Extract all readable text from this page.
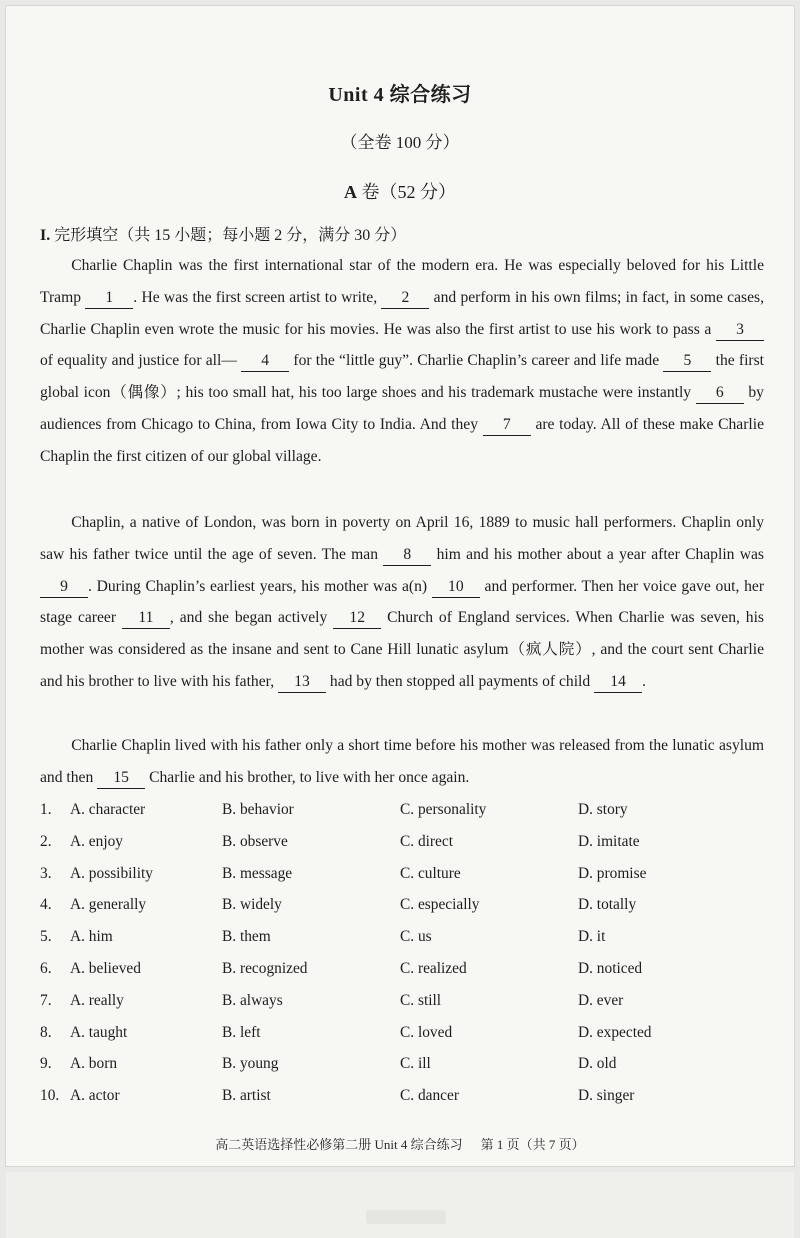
Unit 4 综合练习
（全卷 100 分）
A 卷（52 分）
I. 完形填空（共 15 小题；每小题 2 分，满分 30 分）

Charlie Chaplin was the first international star of the modern era. He was especially beloved for his Little Tramp 1 . He was the first screen artist to write, 2 and perform in his own films; in fact, in some cases, Charlie Chaplin even wrote the music for his movies. He was also the first artist to use his work to pass a 3 of equality and justice for all— 4 for the “little guy”. Charlie Chaplin’s career and life made 5 the first global icon（偶像）; his too small hat, his too large shoes and his trademark mustache were instantly 6 by audiences from Chicago to China, from Iowa City to India. And they 7 are today. All of these make Charlie Chaplin the first citizen of our global village.

Chaplin, a native of London, was born in poverty on April 16, 1889 to music hall performers. Chaplin only saw his father twice until the age of seven. The man 8 him and his mother about a year after Chaplin was 9 . During Chaplin’s earliest years, his mother was a(n) 10 and performer. Then her voice gave out, her stage career 11 , and she began actively 12 Church of England services. When Charlie was seven, his mother was considered as the insane and sent to Cane Hill lunatic asylum（疯人院）, and the court sent Charlie and his brother to live with his father, 13 had by then stopped all payments of child 14 .

Charlie Chaplin lived with his father only a short time before his mother was released from the lunatic asylum and then 15 Charlie and his brother, to live with her once again.

1. A. character	B. behavior	C. personality	D. story
2. A. enjoy	B. observe	C. direct	D. imitate
3. A. possibility	B. message	C. culture	D. promise
4. A. generally	B. widely	C. especially	D. totally
5. A. him	B. them	C. us	D. it
6. A. believed	B. recognized	C. realized	D. noticed
7. A. really	B. always	C. still	D. ever
8. A. taught	B. left	C. loved	D. expected
9. A. born	B. young	C. ill	D. old
10. A. actor	B. artist	C. dancer	D. singer
高二英语选择性必修第二册 Unit 4 综合练习 第 1 页（共 7 页）
